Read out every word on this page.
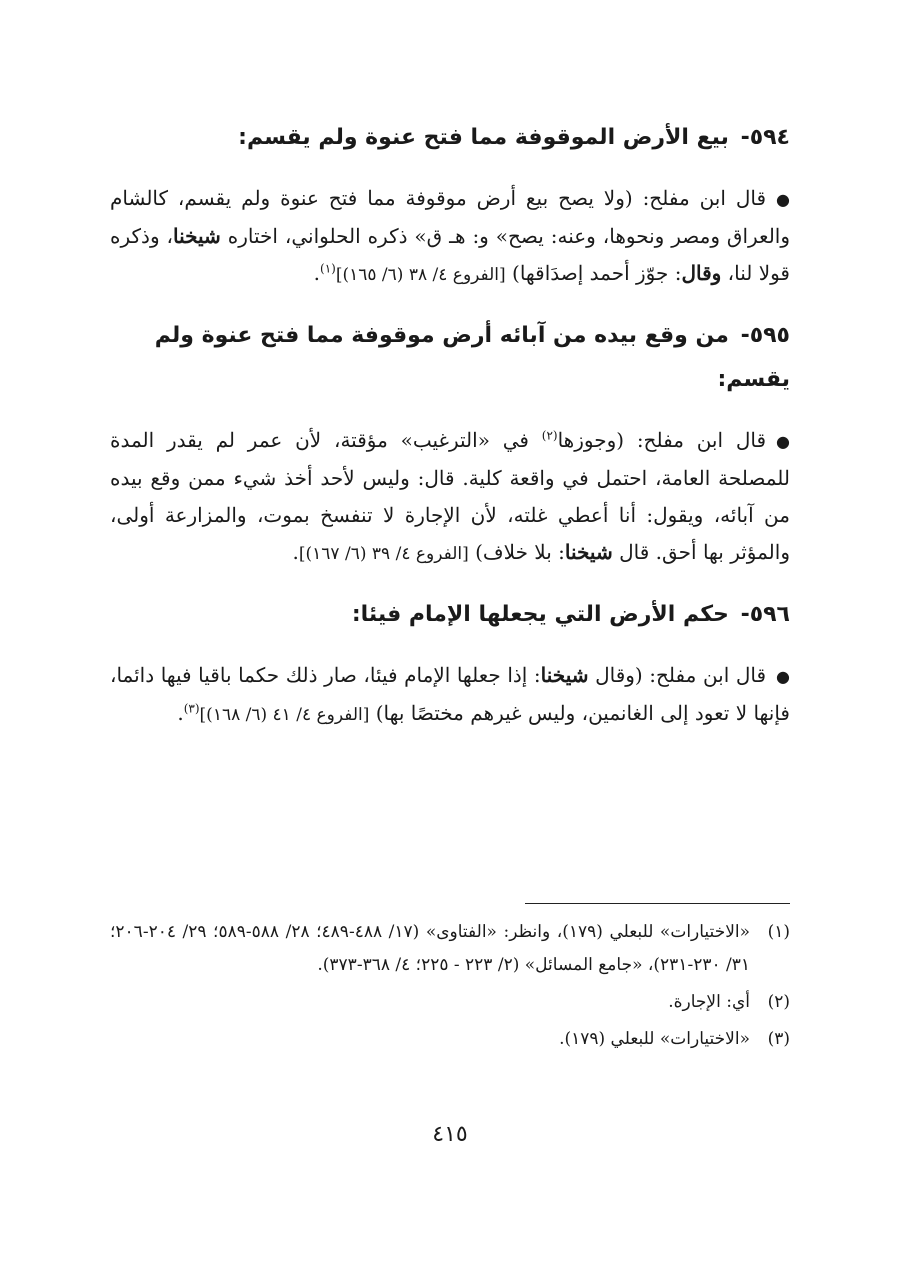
٥٩٤- بيع الأرض الموقوفة مما فتح عنوة ولم يقسم:

●قال ابن مفلح: (ولا يصح بيع أرض موقوفة مما فتح عنوة ولم يقسم، كالشام والعراق ومصر ونحوها، وعنه: يصح» و: هـ ق» ذكره الحلواني، اختاره شيخنا، وذكره قولا لنا، وقال: جوّز أحمد إصدَاقها) [الفروع ٤/ ٣٨ (٦/ ١٦٥)]$^{(١)}$.

٥٩٥- من وقع بيده من آبائه أرض موقوفة مما فتح عنوة ولم يقسم:

●قال ابن مفلح: (وجوزها$^{(٢)}$ في «الترغيب» مؤقتة، لأن عمر لم يقدر المدة للمصلحة العامة، احتمل في واقعة كلية. قال: وليس لأحد أخذ شيء ممن وقع بيده من آبائه، ويقول: أنا أعطي غلته، لأن الإجارة لا تنفسخ بموت، والمزارعة أولى، والمؤثر بها أحق. قال شيخنا: بلا خلاف) [الفروع ٤/ ٣٩ (٦/ ١٦٧)].

٥٩٦- حكم الأرض التي يجعلها الإمام فيئا:

●قال ابن مفلح: (وقال شيخنا: إذا جعلها الإمام فيئا، صار ذلك حكما باقيا فيها دائما، فإنها لا تعود إلى الغانمين، وليس غيرهم مختصًا بها) [الفروع ٤/ ٤١ (٦/ ١٦٨)]$^{(٣)}$.

(١)
«الاختيارات» للبعلي (١٧٩)، وانظر: «الفتاوى» (١٧/ ٤٨٨-٤٨٩؛ ٢٨/ ٥٨٨-٥٨٩؛ ٢٩/ ٢٠٤-٢٠٦؛ ٣١/ ٢٣٠-٢٣١)، «جامع المسائل» (٢/ ٢٢٣ - ٢٢٥؛ ٤/ ٣٦٨-٣٧٣).
(٢)
أي: الإجارة.
(٣)
«الاختيارات» للبعلي (١٧٩).
٤١٥
